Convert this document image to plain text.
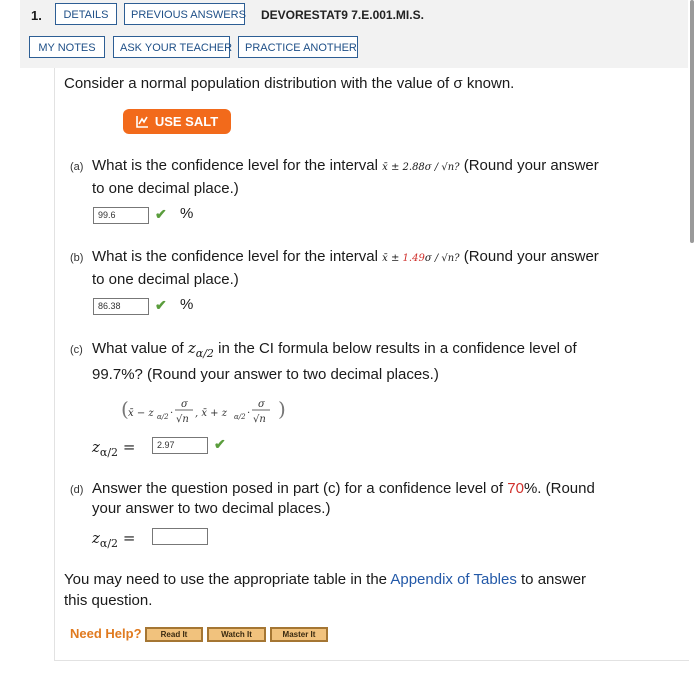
1.	DETAILS	PREVIOUS ANSWERS DEVORESTAT9 7.E.001.MI.S.
MY NOTES	ASK YOUR TEACHER	PRACTICE ANOTHER
Consider a normal population distribution with the value of σ known.
USE SALT
(a) What is the confidence level for the interval x̄ ± 2.88σ / √n? (Round your answer
to one decimal place.)
99.6	✔ %
(b) What is the confidence level for the interval x̄ ± 1.49σ / √n? (Round your answer
to one decimal place.)
86.38	✔ %
(c) What value of $z_{\alpha/2}$ in the CI formula below results in a confidence level of
99.7%? (Round your answer to two decimal places.)
( x̄ − z α/2 ·
σ
√n
, x̄ + z α/2 ·
σ
√n )
$z_{\alpha/2}$ =	2.97	✔
(d) Answer the question posed in part (c) for a confidence level of 70%. (Round
your answer to two decimal places.)
$z_{\alpha/2}$ =
You may need to use the appropriate table in the Appendix of Tables to answer
this question.
Need Help?	Read It	Watch It	Master It
